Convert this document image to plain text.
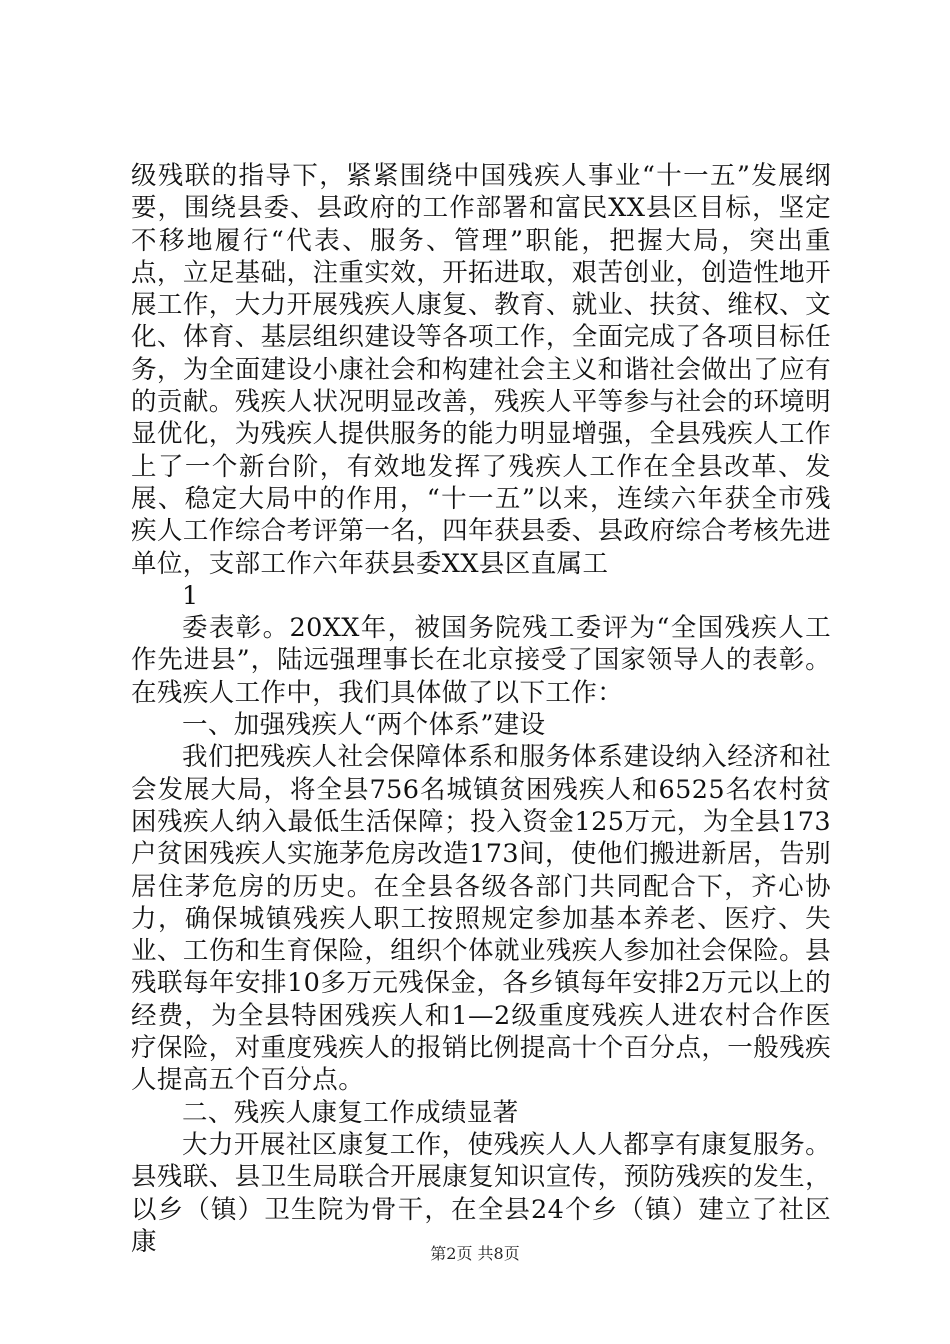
级残联的指导下，紧紧围绕中国残疾人事业“十一五”发展纲要，围绕县委、县政府的工作部署和富民XX县区目标，坚定不移地履行“代表、服务、管理”职能，把握大局，突出重点，立足基础，注重实效，开拓进取，艰苦创业，创造性地开展工作，大力开展残疾人康复、教育、就业、扶贫、维权、文化、体育、基层组织建设等各项工作，全面完成了各项目标任务，为全面建设小康社会和构建社会主义和谐社会做出了应有的贡献。残疾人状况明显改善，残疾人平等参与社会的环境明显优化，为残疾人提供服务的能力明显增强，全县残疾人工作上了一个新台阶，有效地发挥了残疾人工作在全县改革、发展、稳定大局中的作用，“十一五”以来，连续六年获全市残疾人工作综合考评第一名，四年获县委、县政府综合考核先进单位，支部工作六年获县委XX县区直属工

1

委表彰。20XX年，被国务院残工委评为“全国残疾人工作先进县”，陆远强理事长在北京接受了国家领导人的表彰。在残疾人工作中，我们具体做了以下工作：

一、加强残疾人“两个体系”建设

我们把残疾人社会保障体系和服务体系建设纳入经济和社会发展大局，将全县756名城镇贫困残疾人和6525名农村贫困残疾人纳入最低生活保障；投入资金125万元，为全县173户贫困残疾人实施茅危房改造173间，使他们搬进新居，告别居住茅危房的历史。在全县各级各部门共同配合下，齐心协力，确保城镇残疾人职工按照规定参加基本养老、医疗、失业、工伤和生育保险，组织个体就业残疾人参加社会保险。县残联每年安排10多万元残保金，各乡镇每年安排2万元以上的经费，为全县特困残疾人和1—2级重度残疾人进农村合作医疗保险，对重度残疾人的报销比例提高十个百分点，一般残疾人提高五个百分点。

二、残疾人康复工作成绩显著

大力开展社区康复工作，使残疾人人人都享有康复服务。县残联、县卫生局联合开展康复知识宣传，预防残疾的发生，以乡（镇）卫生院为骨干，在全县24个乡（镇）建立了社区康	第2页 共8页
